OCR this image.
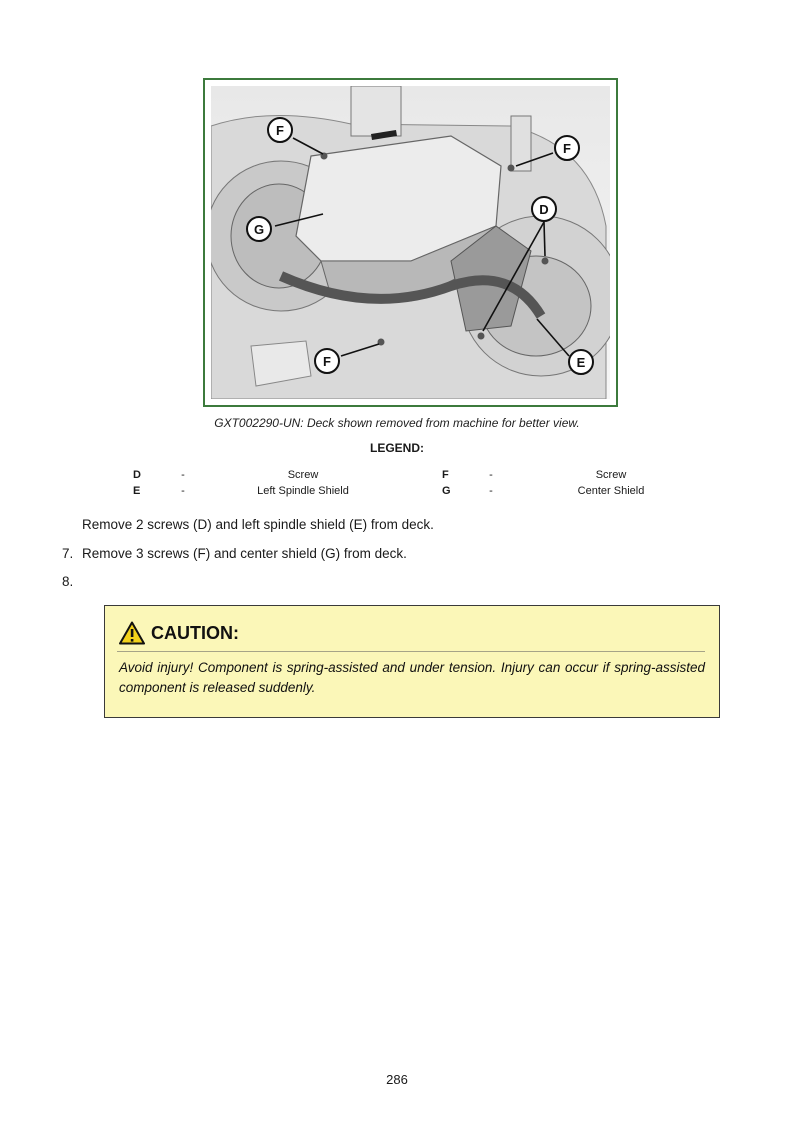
F
F
G
D
F	E
GXT002290-UN: Deck shown removed from machine for better view.
LEGEND:
D	-	Screw	F	-	Screw
E	-	Left Spindle Shield	G	-	Center Shield
Remove 2 screws (D) and left spindle shield (E) from deck.
7. Remove 3 screws (F) and center shield (G) from deck.
8.
CAUTION:
Avoid injury! Component is spring-assisted and under tension. Injury can occur if spring-assisted component is released suddenly.
286
